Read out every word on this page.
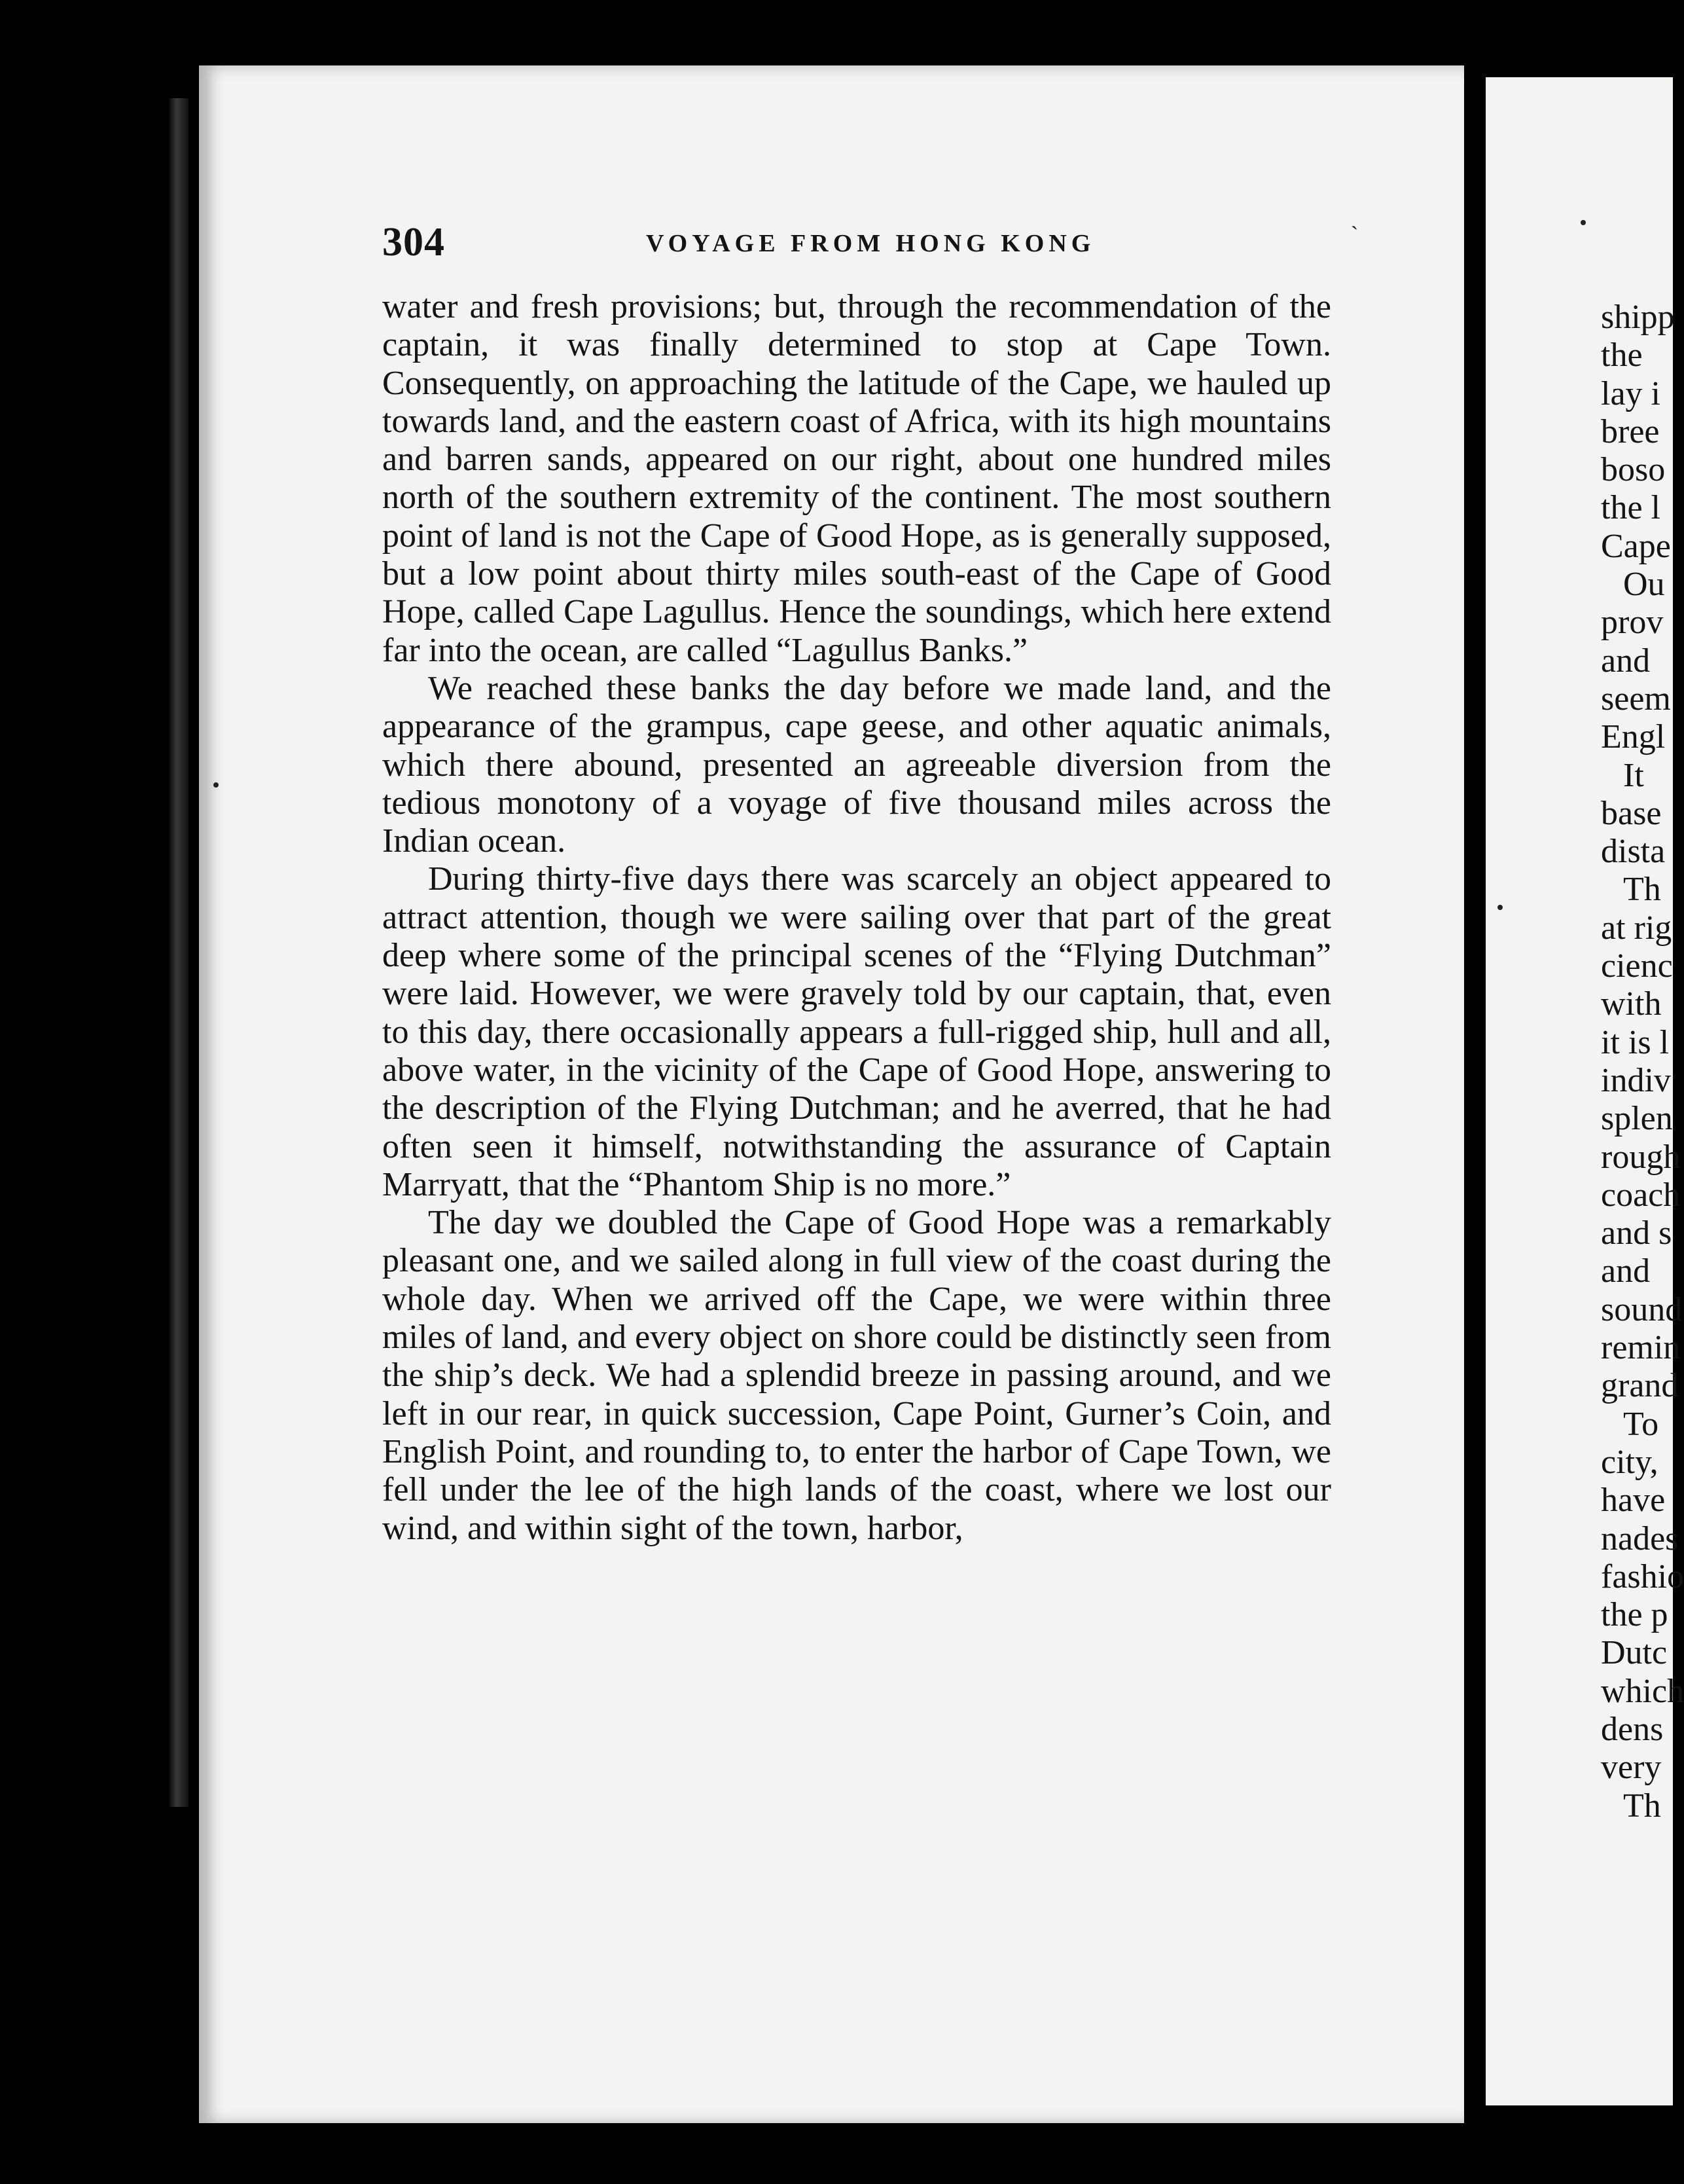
304	VOYAGE FROM HONG KONG	`

water and fresh provisions; but, through the recommendation of the captain, it was finally determined to stop at Cape Town. Consequently, on approaching the latitude of the Cape, we hauled up towards land, and the eastern coast of Africa, with its high mountains and barren sands, appeared on our right, about one hundred miles north of the southern extremity of the continent. The most southern point of land is not the Cape of Good Hope, as is generally supposed, but a low point about thirty miles south-east of the Cape of Good Hope, called Cape Lagullus. Hence the soundings, which here extend far into the ocean, are called “Lagullus Banks.”

We reached these banks the day before we made land, and the appearance of the grampus, cape geese, and other aquatic animals, which there abound, presented an agreeable diversion from the tedious monotony of a voyage of five thousand miles across the Indian ocean.

During thirty-five days there was scarcely an object appeared to attract attention, though we were sailing over that part of the great deep where some of the principal scenes of the “Flying Dutchman” were laid. However, we were gravely told by our captain, that, even to this day, there occasionally appears a full-rigged ship, hull and all, above water, in the vicinity of the Cape of Good Hope, answering to the description of the Flying Dutchman; and he averred, that he had often seen it himself, notwithstanding the assurance of Captain Marryatt, that the “Phantom Ship is no more.”

The day we doubled the Cape of Good Hope was a remarkably pleasant one, and we sailed along in full view of the coast during the whole day. When we arrived off the Cape, we were within three miles of land, and every object on shore could be distinctly seen from the ship’s deck. We had a splendid breeze in passing around, and we left in our rear, in quick succession, Cape Point, Gurner’s Coin, and English Point, and rounding to, to enter the harbor of Cape Town, we fell under the lee of the high lands of the coast, where we lost our wind, and within sight of the town, harbor,

shipp
the
lay i
bree
boso
the l
Cape
Ou
prov
and
seem
Engl
It
base
dista
Th
at rig
cienc
with
it is l
indiv
splen
rough
coach
and s
and
sound
remin
grand
To
city,
have
nades
fashio
the p
Dutc
which
dens
very
Th
